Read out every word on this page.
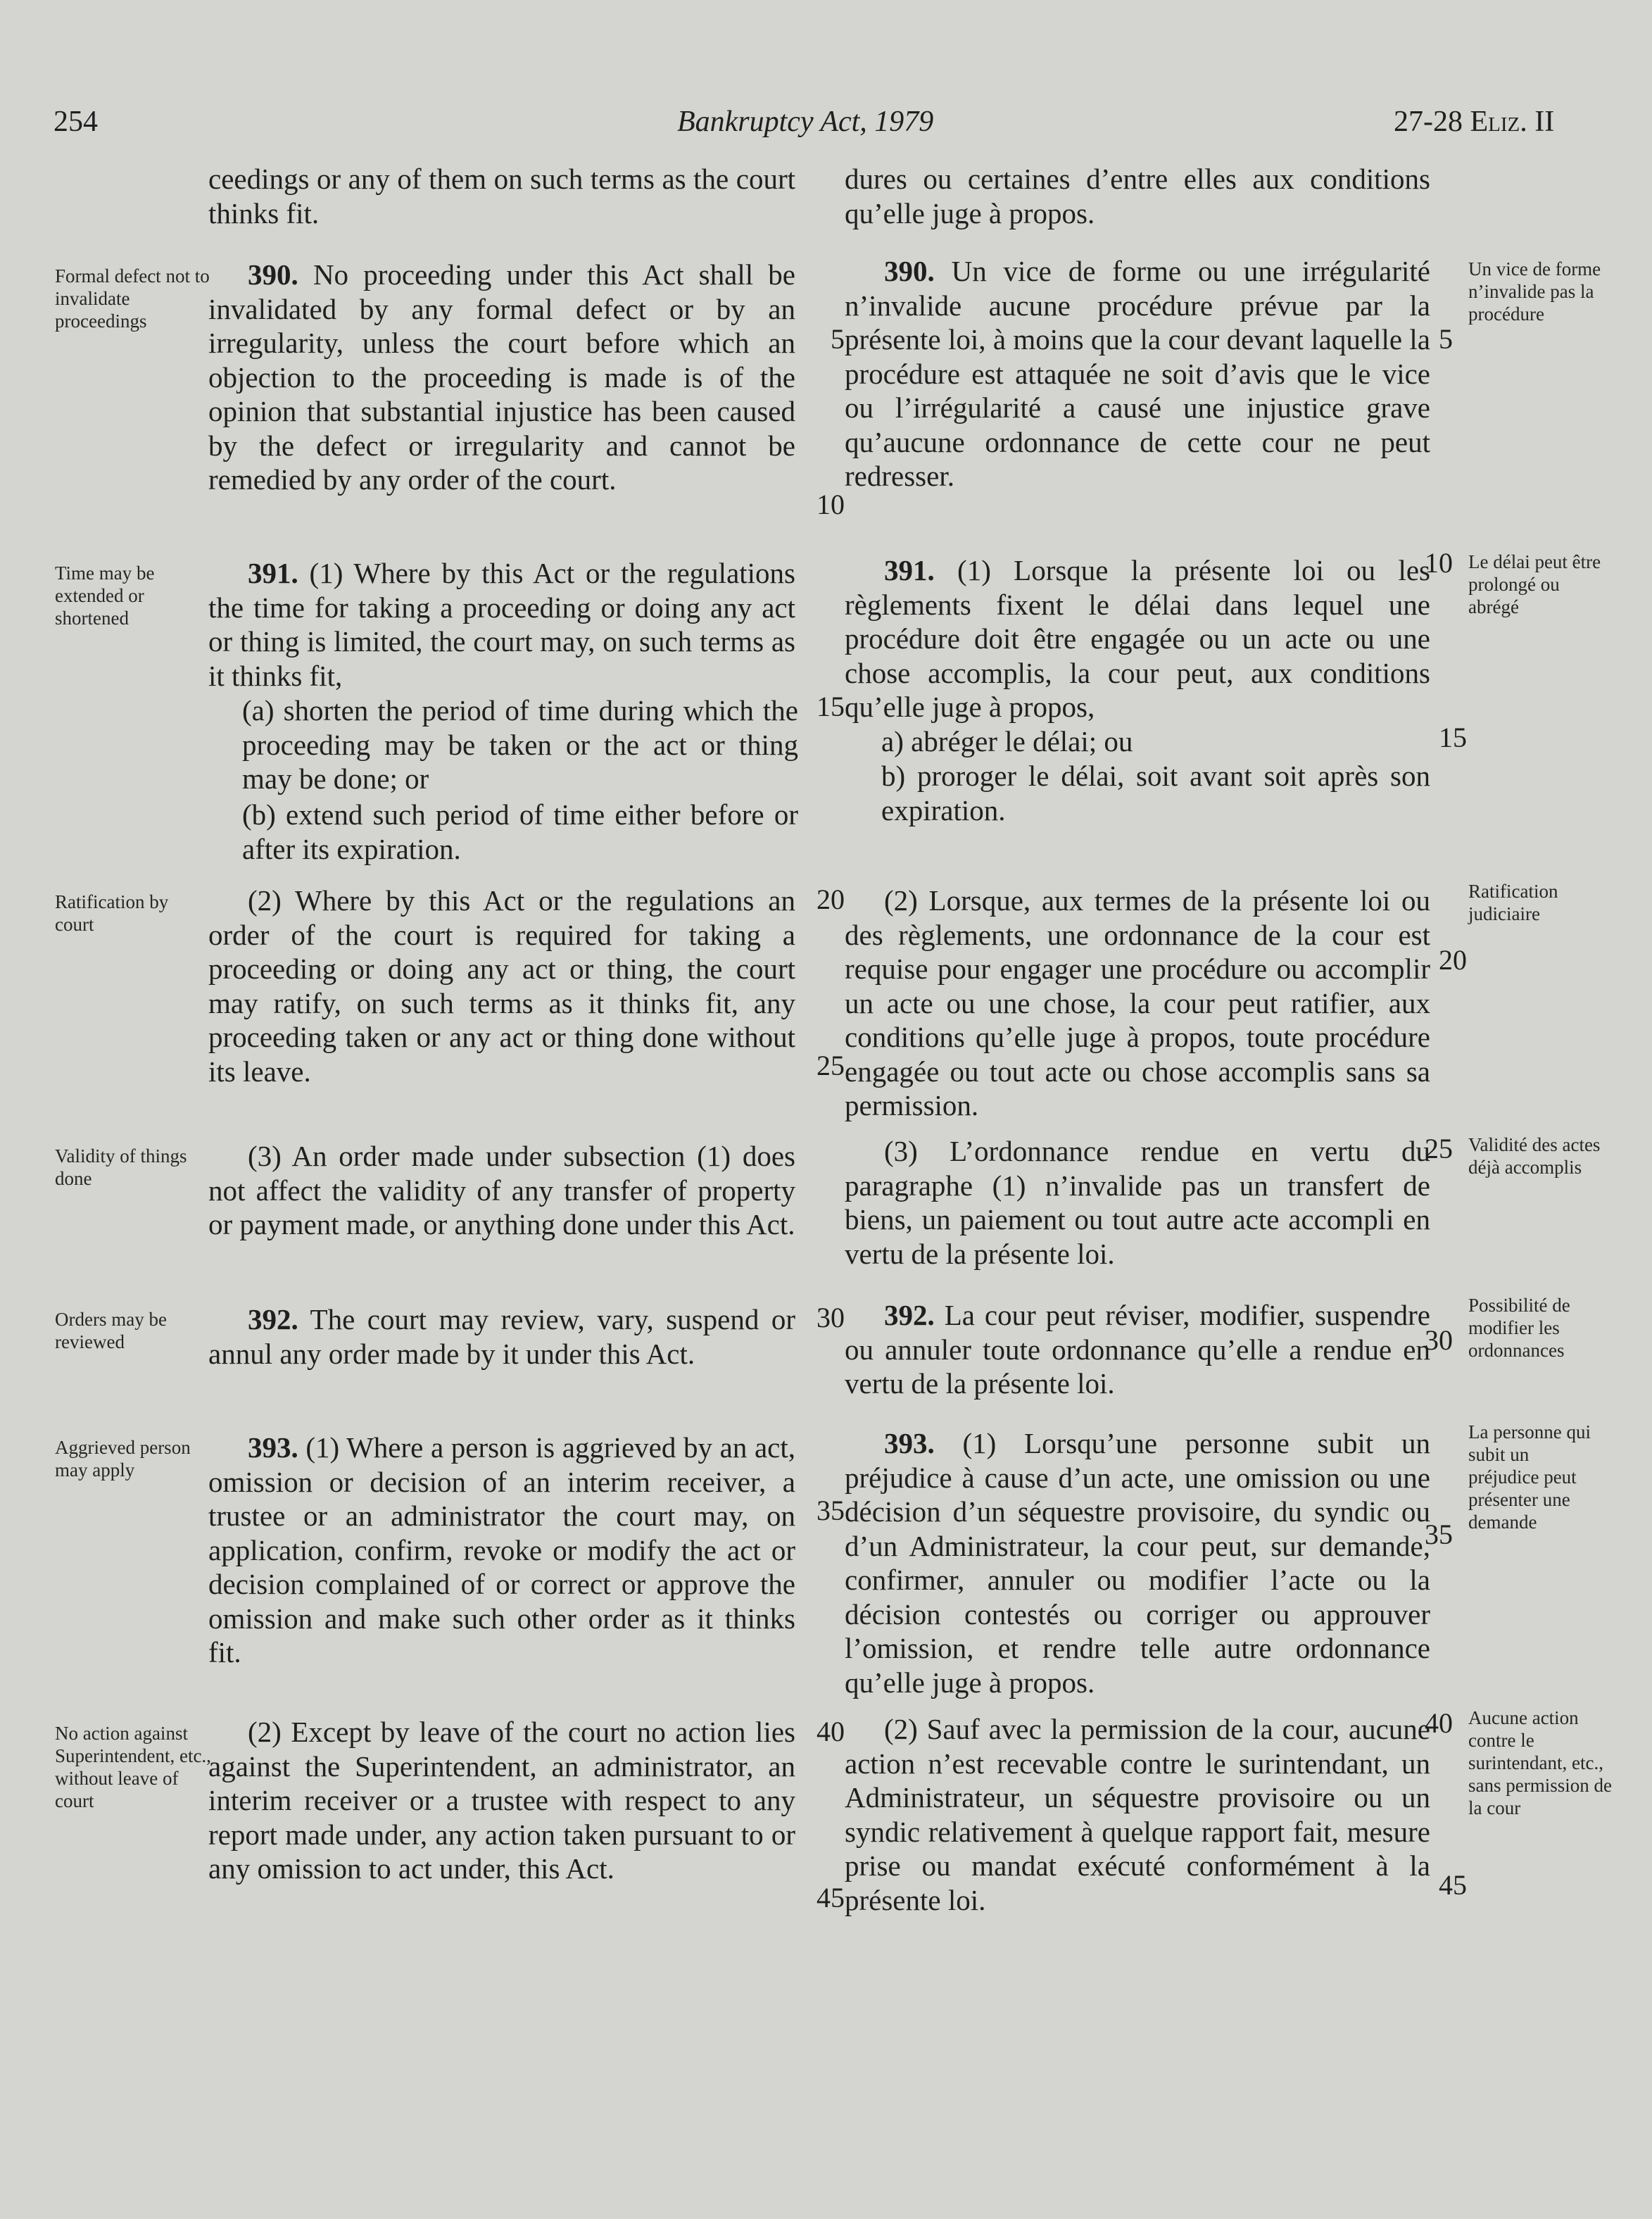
254	Bankruptcy Act, 1979	27-28 Eliz. II
Formal defect not to invalidate proceedings
Time may be extended or shortened
Ratification by court
Validity of things done
Orders may be reviewed
Aggrieved person may apply
No action against Superintendent, etc., without leave of court

ceedings or any of them on such terms as the court thinks fit.

390. No proceeding under this Act shall be invalidated by any formal defect or by an irregularity, unless the court before which an objection to the proceeding is made is of the opinion that substantial injustice has been caused by the defect or irregularity and cannot be remedied by any order of the court.

391. (1) Where by this Act or the regulations the time for taking a proceeding or doing any act or thing is limited, the court may, on such terms as it thinks fit,

(a) shorten the period of time during which the proceeding may be taken or the act or thing may be done; or

(b) extend such period of time either before or after its expiration.

(2) Where by this Act or the regulations an order of the court is required for taking a proceeding or doing any act or thing, the court may ratify, on such terms as it thinks fit, any proceeding taken or any act or thing done without its leave.

(3) An order made under subsection (1) does not affect the validity of any transfer of property or payment made, or anything done under this Act.

392. The court may review, vary, suspend or annul any order made by it under this Act.

393. (1) Where a person is aggrieved by an act, omission or decision of an interim receiver, a trustee or an administrator the court may, on application, confirm, revoke or modify the act or decision complained of or correct or approve the omission and make such other order as it thinks fit.

(2) Except by leave of the court no action lies against the Superintendent, an administrator, an interim receiver or a trustee with respect to any report made under, any action taken pursuant to or any omission to act under, this Act.

5
10
15
20
25
30
35
40
45

dures ou certaines d’entre elles aux conditions qu’elle juge à propos.

390. Un vice de forme ou une irrégularité n’invalide aucune procédure prévue par la présente loi, à moins que la cour devant laquelle la procédure est attaquée ne soit d’avis que le vice ou l’irrégularité a causé une injustice grave qu’aucune ordonnance de cette cour ne peut redresser.

391. (1) Lorsque la présente loi ou les règlements fixent le délai dans lequel une procédure doit être engagée ou un acte ou une chose accomplis, la cour peut, aux conditions qu’elle juge à propos,

a) abréger le délai; ou

b) proroger le délai, soit avant soit après son expiration.

(2) Lorsque, aux termes de la présente loi ou des règlements, une ordonnance de la cour est requise pour engager une procédure ou accomplir un acte ou une chose, la cour peut ratifier, aux conditions qu’elle juge à propos, toute procédure engagée ou tout acte ou chose accomplis sans sa permission.

(3) L’ordonnance rendue en vertu du paragraphe (1) n’invalide pas un transfert de biens, un paiement ou tout autre acte accompli en vertu de la présente loi.

392. La cour peut réviser, modifier, suspendre ou annuler toute ordonnance qu’elle a rendue en vertu de la présente loi.

393. (1) Lorsqu’une personne subit un préjudice à cause d’un acte, une omission ou une décision d’un séquestre provisoire, du syndic ou d’un Administrateur, la cour peut, sur demande, confirmer, annuler ou modifier l’acte ou la décision contestés ou corriger ou approuver l’omission, et rendre telle autre ordonnance qu’elle juge à propos.

(2) Sauf avec la permission de la cour, aucune action n’est recevable contre le surintendant, un Administrateur, un séquestre provisoire ou un syndic relativement à quelque rapport fait, mesure prise ou mandat exécuté conformément à la présente loi.

5
10
15
20
25
30
35
40
45
Un vice de forme n’invalide pas la procédure
Le délai peut être prolongé ou abrégé
Ratification judiciaire
Validité des actes déjà accomplis
Possibilité de modifier les ordonnances
La personne qui subit un préjudice peut présenter une demande
Aucune action contre le surintendant, etc., sans permission de la cour
